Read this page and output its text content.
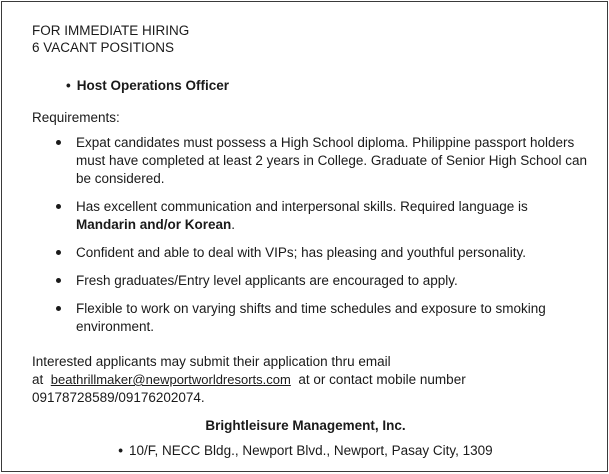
FOR IMMEDIATE HIRING
6 VACANT POSITIONS
• Host Operations Officer
Requirements:
Expat candidates must possess a High School diploma. Philippine passport holders must have completed at least 2 years in College. Graduate of Senior High School can be considered.
Has excellent communication and interpersonal skills. Required language is Mandarin and/or Korean.
Confident and able to deal with VIPs; has pleasing and youthful personality.
Fresh graduates/Entry level applicants are encouraged to apply.
Flexible to work on varying shifts and time schedules and exposure to smoking environment.
Interested applicants may submit their application thru email
at beathrillmaker@newportworldresorts.com at or contact mobile number
09178728589/09176202074.
Brightleisure Management, Inc.
• 10/F, NECC Bldg., Newport Blvd., Newport, Pasay City, 1309
